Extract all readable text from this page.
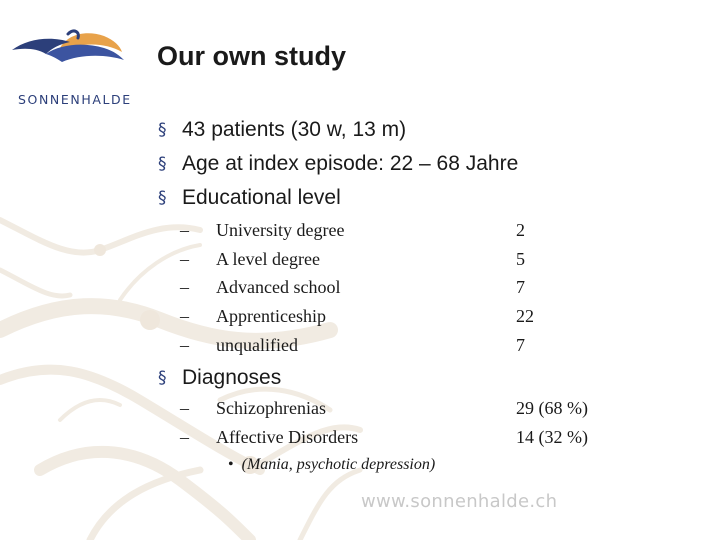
SONNENHALDE
Our own study
§ 43 patients (30 w, 13 m)
§ Age at index episode: 22 – 68 Jahre
§ Educational level
–	University degree	2
–	A level degree	5
–	Advanced school	7
–	Apprenticeship	22
–	unqualified	7
§ Diagnoses
–	Schizophrenias	29 (68 %)
–	Affective Disorders	14 (32 %)
• (Mania, psychotic depression)
www.sonnenhalde.ch
